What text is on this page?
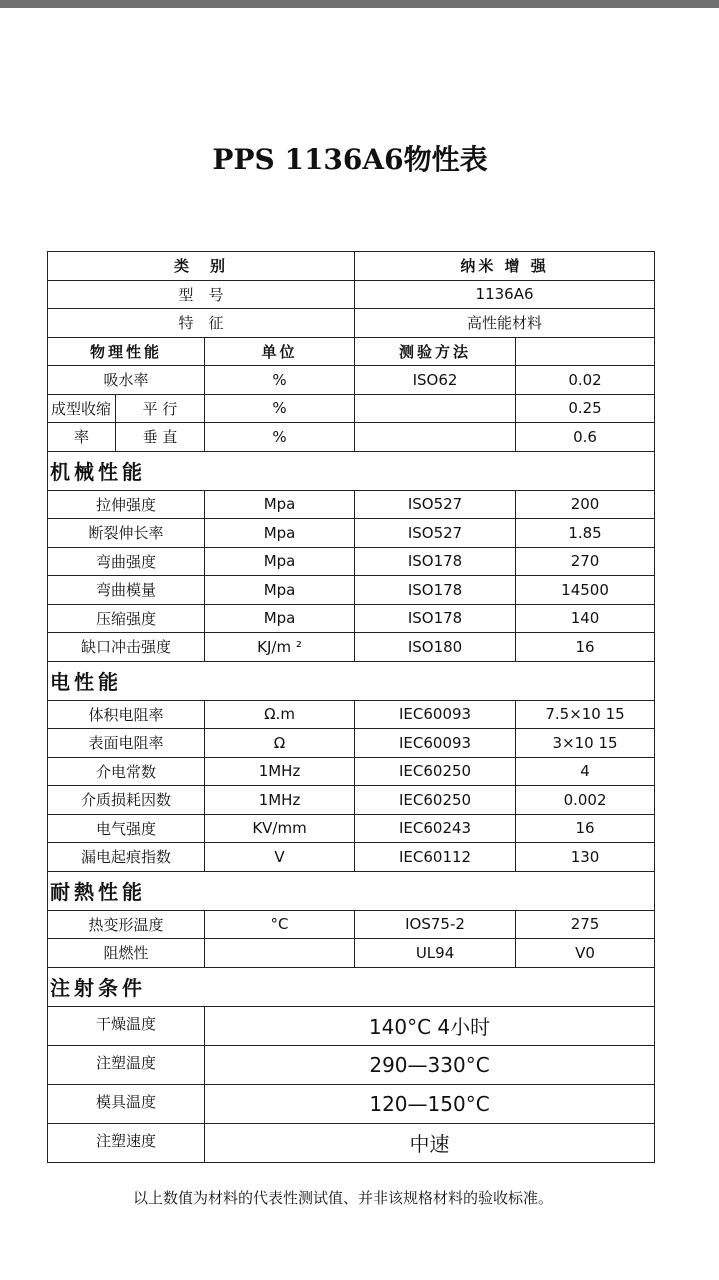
PPS 1136A6物性表
类　别			纳米 增 强	
型　号			1136A6	
特　征			高性能材料	
物理性能		单位	测验方法	
吸水率		%	ISO62	0.02
成型收缩	平 行	%		0.25
率	垂 直	%		0.6
机械性能				
拉伸强度		Mpa	ISO527	200
断裂伸长率		Mpa	ISO527	1.85
弯曲强度		Mpa	ISO178	270
弯曲模量		Mpa	ISO178	14500
压缩强度		Mpa	ISO178	140
缺口冲击强度		KJ/m ²	ISO180	16
电性能				
体积电阻率		Ω.m	IEC60093	7.5×10 15
表面电阻率		Ω	IEC60093	3×10 15
介电常数		1MHz	IEC60250	4
介质损耗因数		1MHz	IEC60250	0.002
电气强度		KV/mm	IEC60243	16
漏电起痕指数		V	IEC60112	130
耐熱性能				
热变形温度		°C	IOS75-2	275
阻燃性			UL94	V0
注射条件				
干燥温度		140°C 4小时		
注塑温度		290—330°C		
模具温度		120—150°C		
注塑速度		中速		
以上数值为材料的代表性测试值、并非该规格材料的验收标准。
